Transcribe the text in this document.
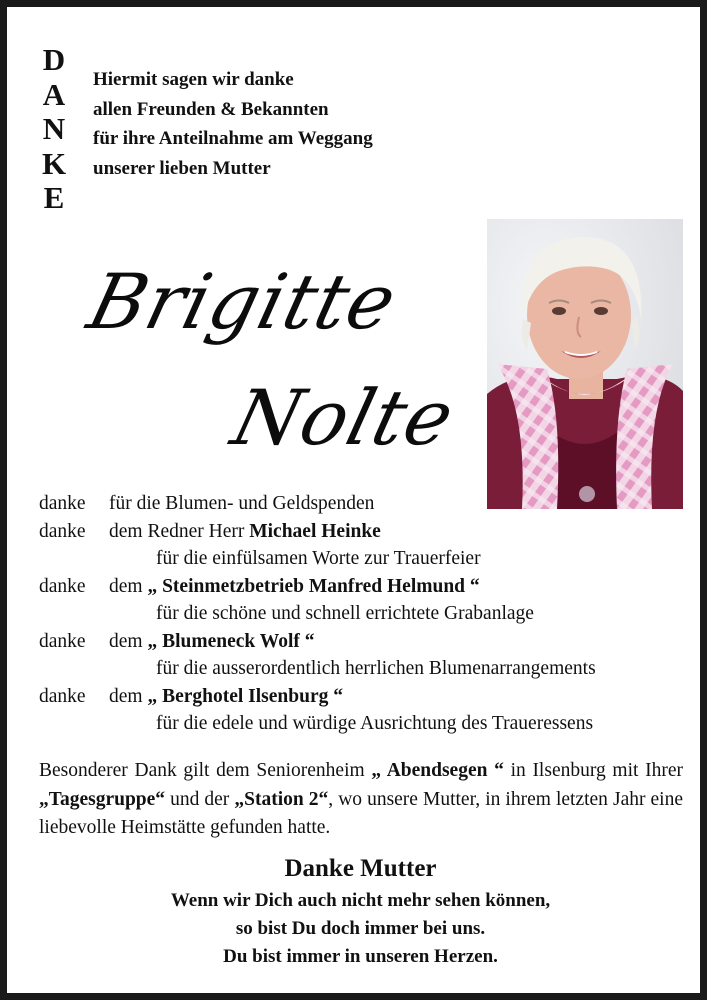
D
A
N
K
E
Hiermit sagen wir danke
allen Freunden & Bekannten
für ihre Anteilnahme am Weggang
unserer lieben Mutter
Brigitte
Nolte
danke für die Blumen- und Geldspenden
danke dem Redner Herr Michael Heinke
für die einfülsamen Worte zur Trauerfeier
danke dem „ Steinmetzbetrieb Manfred Helmund “
für die schöne und schnell errichtete Grabanlage
danke dem „ Blumeneck Wolf “
für die ausserordentlich herrlichen Blumenarrangements
danke dem „ Berghotel Ilsenburg “
für die edele und würdige Ausrichtung des Traueressens
Besonderer Dank gilt dem Seniorenheim „ Abendsegen “ in Ilsenburg mit Ihrer „Tagesgruppe“ und der „Station 2“, wo unsere Mutter, in ihrem letzten Jahr eine liebevolle Heimstätte gefunden hatte.
Danke Mutter
Wenn wir Dich auch nicht mehr sehen können,
so bist Du doch immer bei uns.
Du bist immer in unseren Herzen.
